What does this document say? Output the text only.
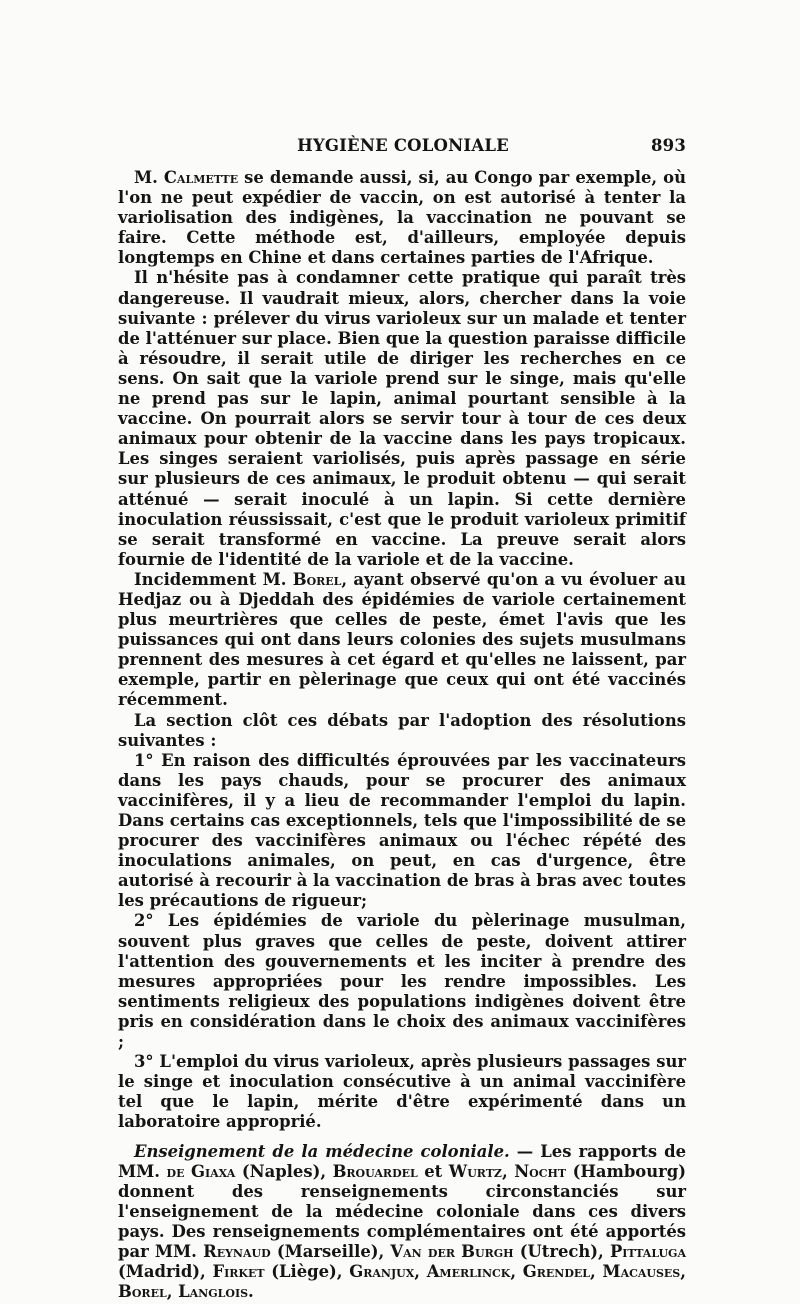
HYGIÈNE COLONIALE	893

M. Calmette se demande aussi, si, au Congo par exemple, où l'on ne peut expédier de vaccin, on est autorisé à tenter la variolisation des indigènes, la vaccination ne pouvant se faire. Cette méthode est, d'ailleurs, employée depuis longtemps en Chine et dans certaines parties de l'Afrique.

Il n'hésite pas à condamner cette pratique qui paraît très dangereuse. Il vaudrait mieux, alors, chercher dans la voie suivante : prélever du virus varioleux sur un malade et tenter de l'atténuer sur place. Bien que la question paraisse difficile à résoudre, il serait utile de diriger les recherches en ce sens. On sait que la variole prend sur le singe, mais qu'elle ne prend pas sur le lapin, animal pourtant sensible à la vaccine. On pourrait alors se servir tour à tour de ces deux animaux pour obtenir de la vaccine dans les pays tropicaux. Les singes seraient variolisés, puis après passage en série sur plusieurs de ces animaux, le produit obtenu — qui serait atténué — serait inoculé à un lapin. Si cette dernière inoculation réussissait, c'est que le produit varioleux primitif se serait transformé en vaccine. La preuve serait alors fournie de l'identité de la variole et de la vaccine.

Incidemment M. Borel, ayant observé qu'on a vu évoluer au Hedjaz ou à Djeddah des épidémies de variole certainement plus meurtrières que celles de peste, émet l'avis que les puissances qui ont dans leurs colonies des sujets musulmans prennent des mesures à cet égard et qu'elles ne laissent, par exemple, partir en pèlerinage que ceux qui ont été vaccinés récemment.

La section clôt ces débats par l'adoption des résolutions suivantes :

1° En raison des difficultés éprouvées par les vaccinateurs dans les pays chauds, pour se procurer des animaux vaccinifères, il y a lieu de recommander l'emploi du lapin. Dans certains cas exceptionnels, tels que l'impossibilité de se procurer des vaccinifères animaux ou l'échec répété des inoculations animales, on peut, en cas d'urgence, être autorisé à recourir à la vaccination de bras à bras avec toutes les précautions de rigueur;

2° Les épidémies de variole du pèlerinage musulman, souvent plus graves que celles de peste, doivent attirer l'attention des gouvernements et les inciter à prendre des mesures appropriées pour les rendre impossibles. Les sentiments religieux des populations indigènes doivent être pris en considération dans le choix des animaux vaccinifères ;

3° L'emploi du virus varioleux, après plusieurs passages sur le singe et inoculation consécutive à un animal vaccinifère tel que le lapin, mérite d'être expérimenté dans un laboratoire approprié.

Enseignement de la médecine coloniale. — Les rapports de MM. de Giaxa (Naples), Brouardel et Wurtz, Nocht (Hambourg) donnent des renseignements circonstanciés sur l'enseignement de la médecine coloniale dans ces divers pays. Des renseignements complémentaires ont été apportés par MM. Reynaud (Marseille), Van der Burgh (Utrech), Pittaluga (Madrid), Firket (Liège), Granjux, Amerlinck, Grendel, Macauses, Borel, Langlois.
